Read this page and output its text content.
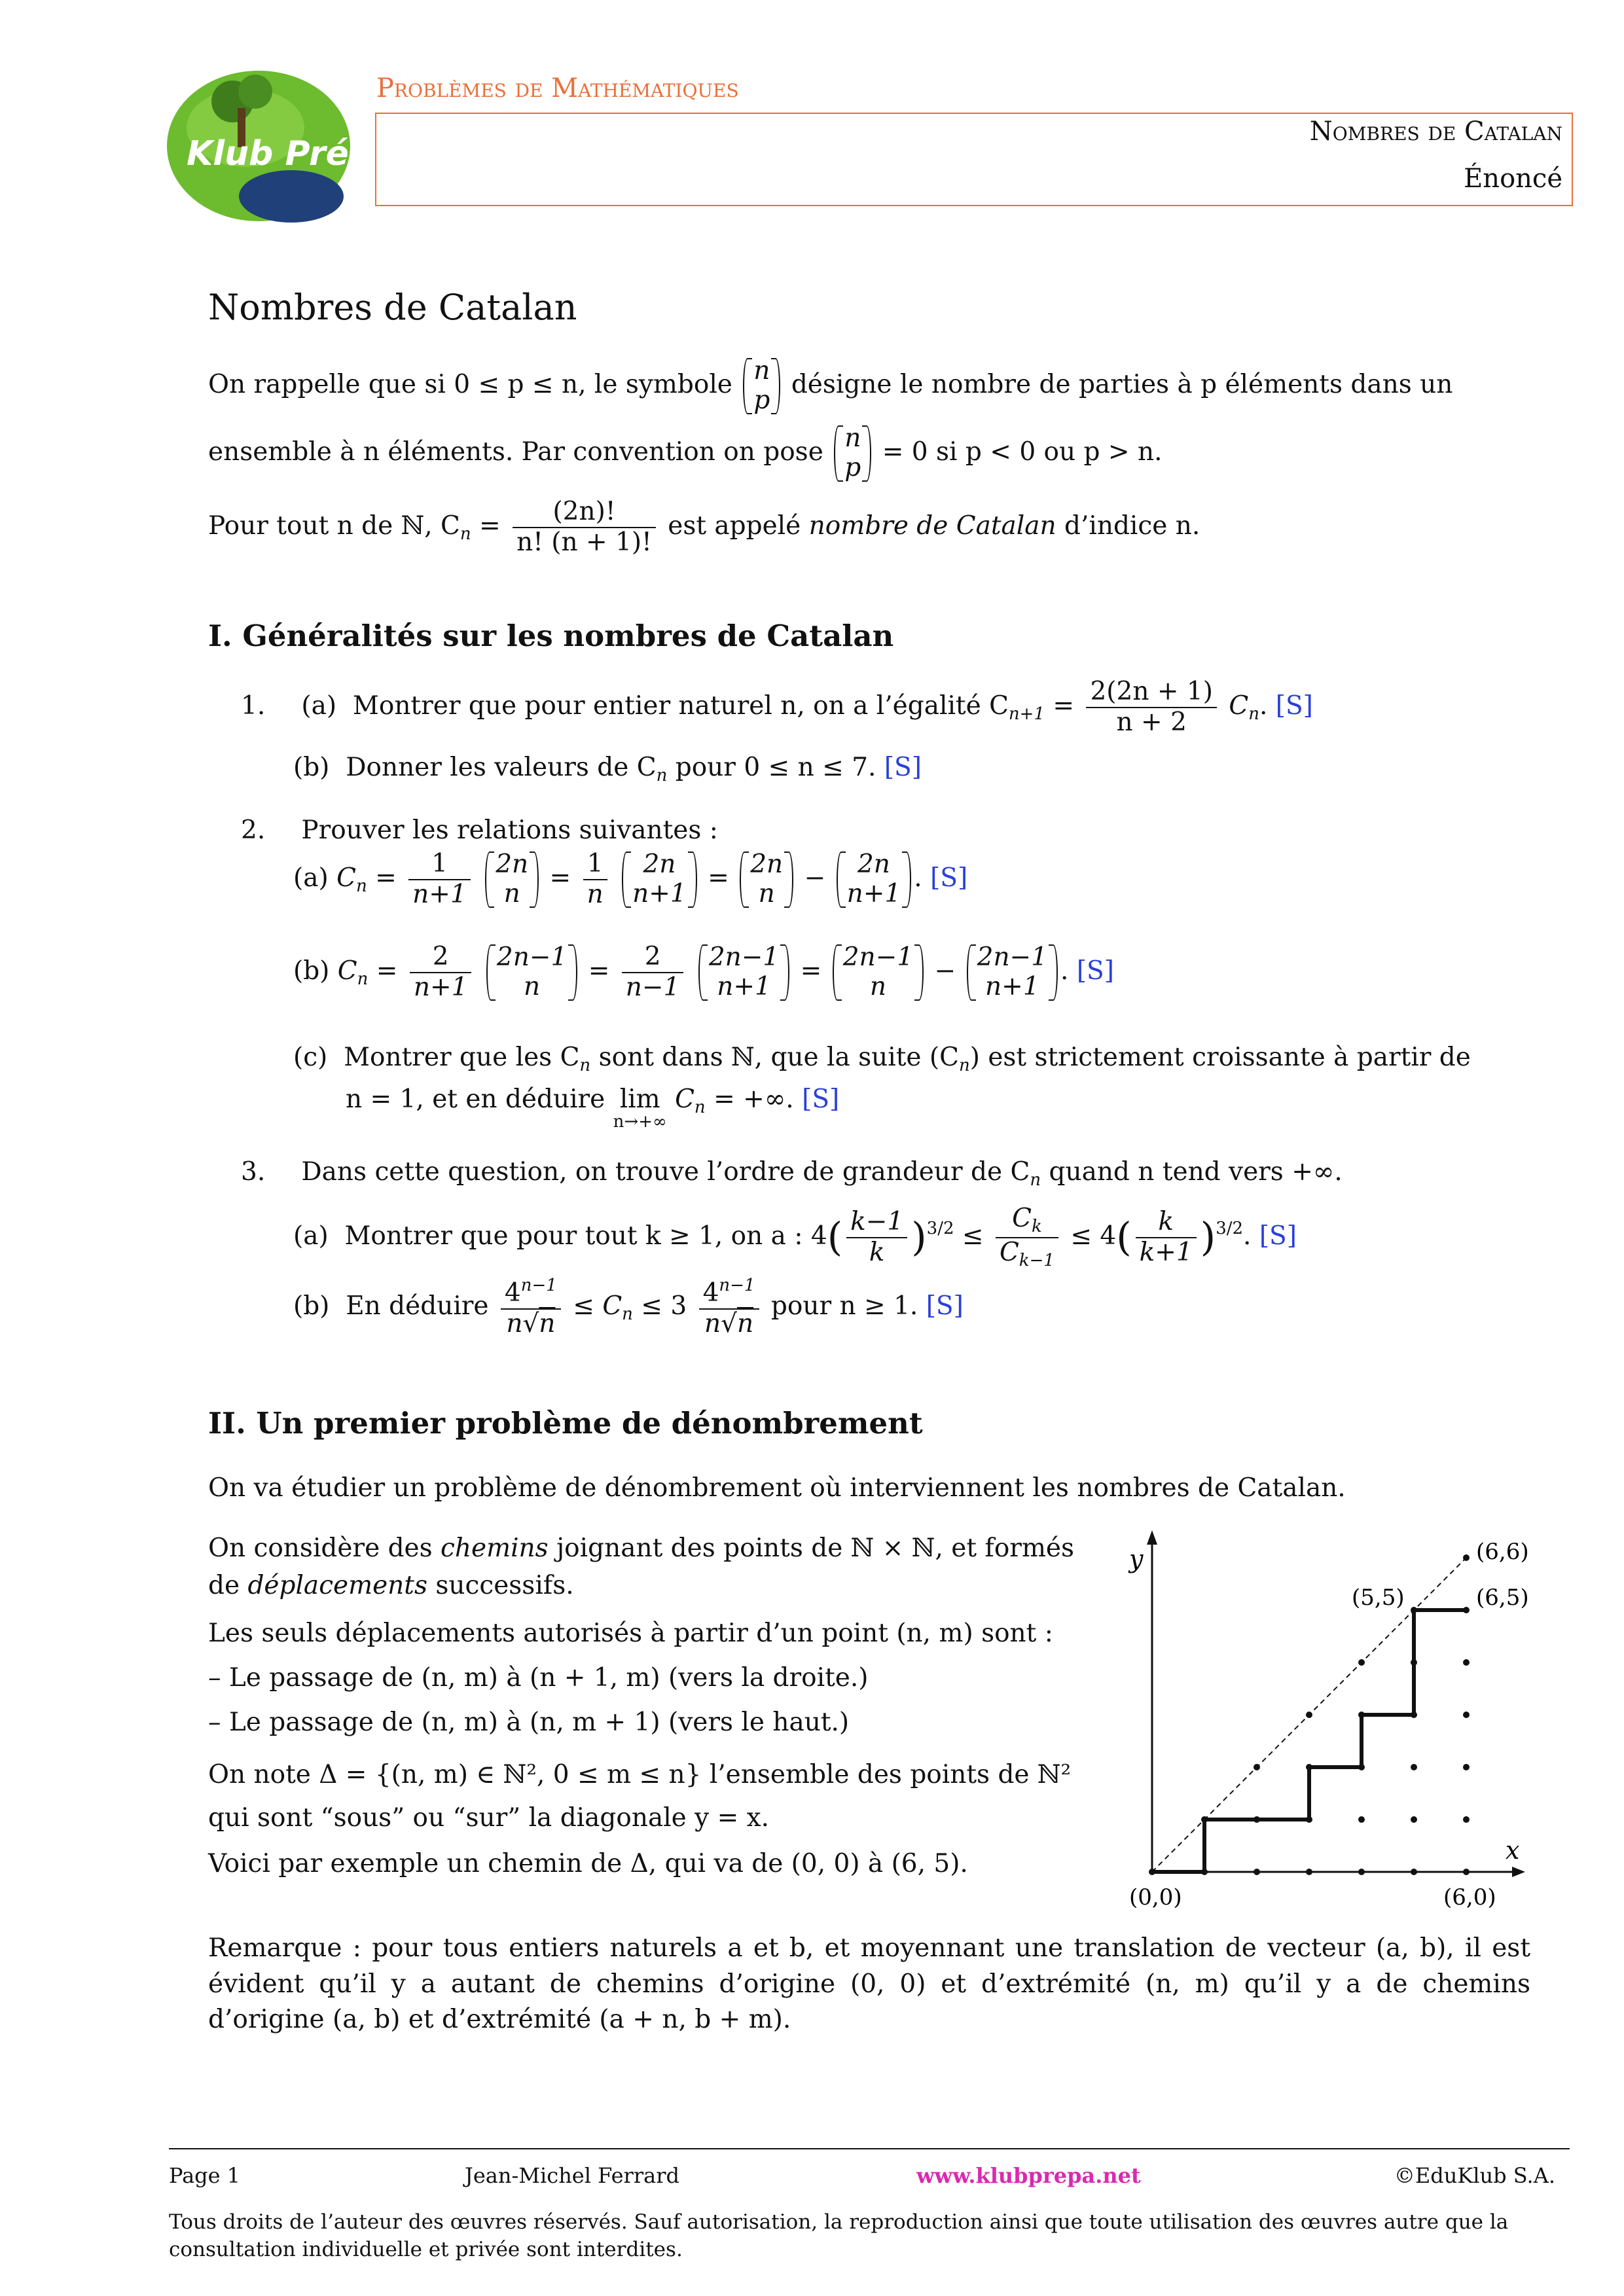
Klub Prépa
Problèmes de Mathématiques
Nombres de Catalan
Énoncé
Nombres de Catalan
On rappelle que si 0 ≤ p ≤ n, le symbole n
p
désigne le nombre de parties à p éléments dans un
ensemble à n éléments. Par convention on pose n
p
= 0 si p < 0 ou p > n.
Pour tout n de ℕ, $C_n = \frac{(2n)!}{n! (n + 1)!}$ est appelé nombre de Catalan d’indice n.
I. Généralités sur les nombres de Catalan
1. (a)  Montrer que pour entier naturel n, on a l’égalité $C_{n+1} = \frac{2(2n + 1)}{n + 2} C_n$. [S]
(b)  Donner les valeurs de $C_n$ pour 0 ≤ n ≤ 7. [S]
2. Prouver les relations suivantes :
(a) $C_n = \frac{1}{n+1}$
2n
n
= $\frac{1}{n}$
	2n
n+1
= 2n
n
− 2n
n+1
. [S]
(b) $C_n = \frac{2}{n+1}$
2n−1
n
= $\frac{2}{n-1}$
2n−1
n+1
= 2n−1
n
− 2n−1
n+1
. [S]
(c)  Montrer que les $C_n$ sont dans ℕ, que la suite $(C_n)$ est strictement croissante à partir de
n = 1, et en déduire lim
n→+∞
$C_n$ = +∞. [S]
3. Dans cette question, on trouve l’ordre de grandeur de $C_n$ quand n tend vers +∞.
(a)  Montrer que pour tout k ≥ 1, on a : $4( \frac{k-1}{k} )^{3/2} \le \frac{C_k}{C_{k-1}} \le 4( \frac{k}{k+1} )^{3/2}$. [S]
(b)  En déduire $\frac{4^{n-1}}{n√n} \le C_n \le 3 \frac{4^{n-1}}{n√n}$ pour n ≥ 1. [S]
II. Un premier problème de dénombrement
On va étudier un problème de dénombrement où interviennent les nombres de Catalan.
On considère des chemins joignant des points de ℕ × ℕ, et formés de déplacements successifs.
Les seuls déplacements autorisés à partir d’un point (n, m) sont :
– Le passage de (n, m) à (n + 1, m) (vers la droite.)
– Le passage de (n, m) à (n, m + 1) (vers le haut.)
On note Δ = {(n, m) ∈ ℕ², 0 ≤ m ≤ n} l’ensemble des points de ℕ²
qui sont “sous” ou “sur” la diagonale y = x.
Voici par exemple un chemin de Δ, qui va de (0, 0) à (6, 5).
y
x
(6,6)
(5,5)	(6,5)
(0,0)	(6,0)
Remarque : pour tous entiers naturels a et b, et moyennant une translation de vecteur (a, b), il est évident qu’il y a autant de chemins d’origine (0, 0) et d’extrémité (n, m) qu’il y a de chemins d’origine (a, b) et d’extrémité (a + n, b + m).
Page 1	Jean-Michel Ferrard	www.klubprepa.net	©EduKlub S.A.
Tous droits de l’auteur des œuvres réservés. Sauf autorisation, la reproduction ainsi que toute utilisation des œuvres autre que la consultation individuelle et privée sont interdites.
